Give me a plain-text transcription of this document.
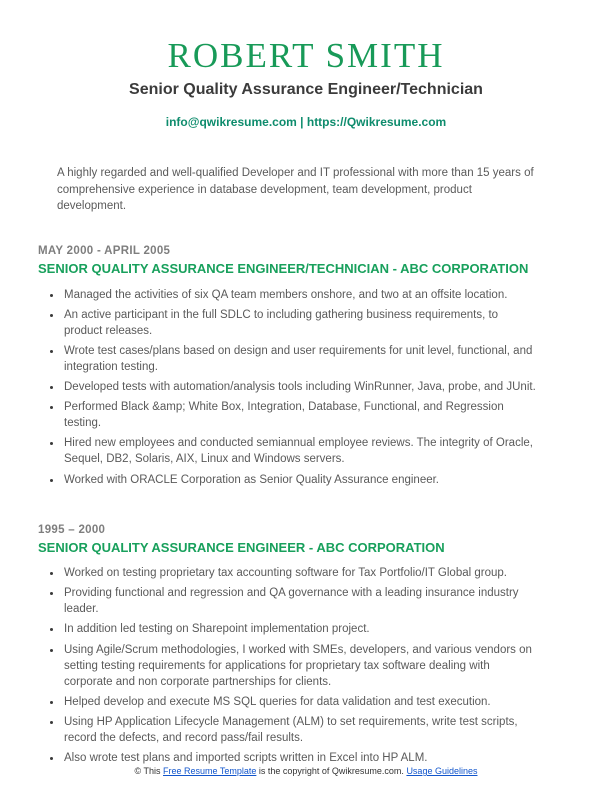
ROBERT SMITH
Senior Quality Assurance Engineer/Technician
info@qwikresume.com | https://Qwikresume.com

A highly regarded and well-qualified Developer and IT professional with more than 15 years of comprehensive experience in database development, team development, product development.

MAY 2000 - APRIL 2005
SENIOR QUALITY ASSURANCE ENGINEER/TECHNICIAN - ABC CORPORATION
• Managed the activities of six QA team members onshore, and two at an offsite location.
• An active participant in the full SDLC to including gathering business requirements, to product releases.
• Wrote test cases/plans based on design and user requirements for unit level, functional, and integration testing.
• Developed tests with automation/analysis tools including WinRunner, Java, probe, and JUnit.
• Performed Black &amp; White Box, Integration, Database, Functional, and Regression testing.
• Hired new employees and conducted semiannual employee reviews. The integrity of Oracle, Sequel, DB2, Solaris, AIX, Linux and Windows servers.
• Worked with ORACLE Corporation as Senior Quality Assurance engineer.
1995 – 2000
SENIOR QUALITY ASSURANCE ENGINEER - ABC CORPORATION
• Worked on testing proprietary tax accounting software for Tax Portfolio/IT Global group.
• Providing functional and regression and QA governance with a leading insurance industry leader.
• In addition led testing on Sharepoint implementation project.
• Using Agile/Scrum methodologies, I worked with SMEs, developers, and various vendors on setting testing requirements for applications for proprietary tax software dealing with corporate and non corporate partnerships for clients.
• Helped develop and execute MS SQL queries for data validation and test execution.
• Using HP Application Lifecycle Management (ALM) to set requirements, write test scripts, record the defects, and record pass/fail results.
• Also wrote test plans and imported scripts written in Excel into HP ALM.
© This Free Resume Template is the copyright of Qwikresume.com. Usage Guidelines
